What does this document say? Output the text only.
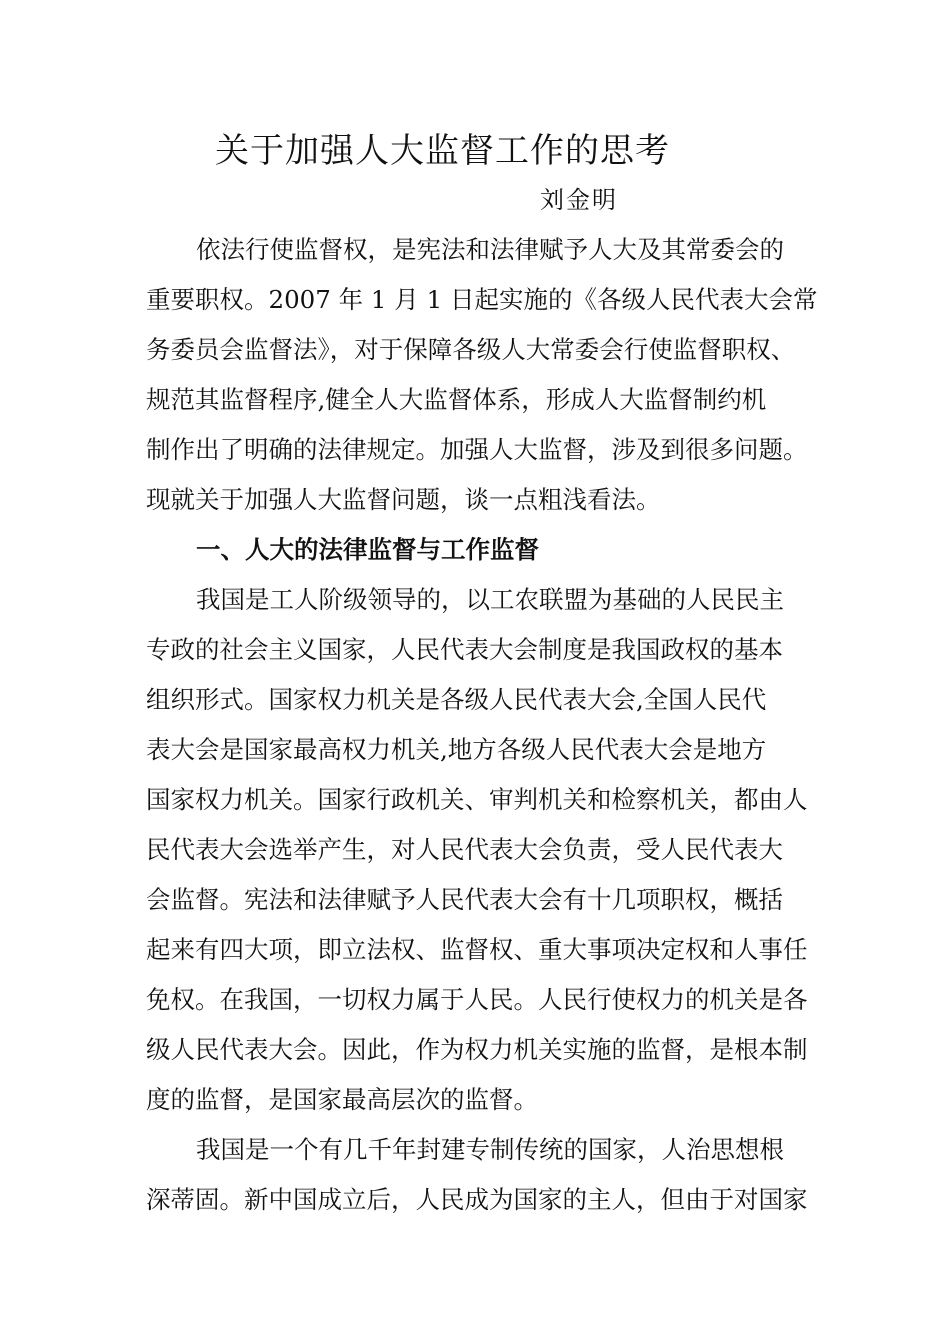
关于加强人大监督工作的思考
刘金明
依法行使监督权，是宪法和法律赋予人大及其常委会的
重要职权。2007 年 1 月 1 日起实施的《各级人民代表大会常
务委员会监督法》，对于保障各级人大常委会行使监督职权、
规范其监督程序,健全人大监督体系，形成人大监督制约机
制作出了明确的法律规定。加强人大监督，涉及到很多问题。
现就关于加强人大监督问题，谈一点粗浅看法。
一、人大的法律监督与工作监督
我国是工人阶级领导的，以工农联盟为基础的人民民主
专政的社会主义国家，人民代表大会制度是我国政权的基本
组织形式。国家权力机关是各级人民代表大会,全国人民代
表大会是国家最高权力机关,地方各级人民代表大会是地方
国家权力机关。国家行政机关、审判机关和检察机关，都由人
民代表大会选举产生，对人民代表大会负责，受人民代表大
会监督。宪法和法律赋予人民代表大会有十几项职权，概括
起来有四大项，即立法权、监督权、重大事项决定权和人事任
免权。在我国，一切权力属于人民。人民行使权力的机关是各
级人民代表大会。因此，作为权力机关实施的监督，是根本制
度的监督，是国家最高层次的监督。
我国是一个有几千年封建专制传统的国家，人治思想根
深蒂固。新中国成立后，人民成为国家的主人，但由于对国家
